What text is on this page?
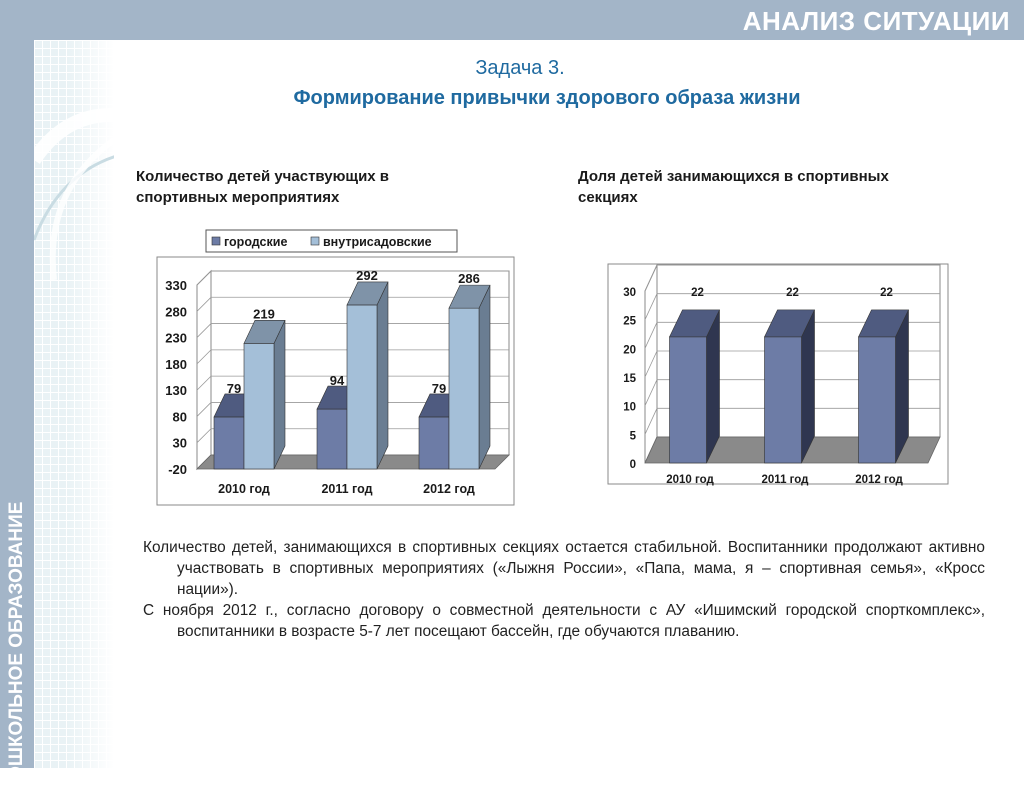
АНАЛИЗ СИТУАЦИИ
ДОШКОЛЬНОЕ ОБРАЗОВАНИЕ
Задача 3.
Формирование привычки здорового образа жизни
Количество детей участвующих в спортивных мероприятиях
Доля детей занимающихся в спортивных секциях
городские	внутрисадовские
-20
30
80
130
180
230
280
330
79
219
2010 год
94
292
2011 год
79
286
2012 год
0
5
10
15
20
25
30	22
2010 год
22
2011 год
22
2012 год

Количество детей, занимающихся в спортивных секциях остается стабильной. Воспитанники продолжают активно участвовать в спортивных мероприятиях («Лыжня России», «Папа, мама, я – спортивная семья», «Кросс нации»).

С ноября 2012 г., согласно договору о совместной деятельности с АУ «Ишимский городской спорткомплекс», воспитанники в возрасте 5-7 лет посещают бассейн, где обучаются плаванию.
